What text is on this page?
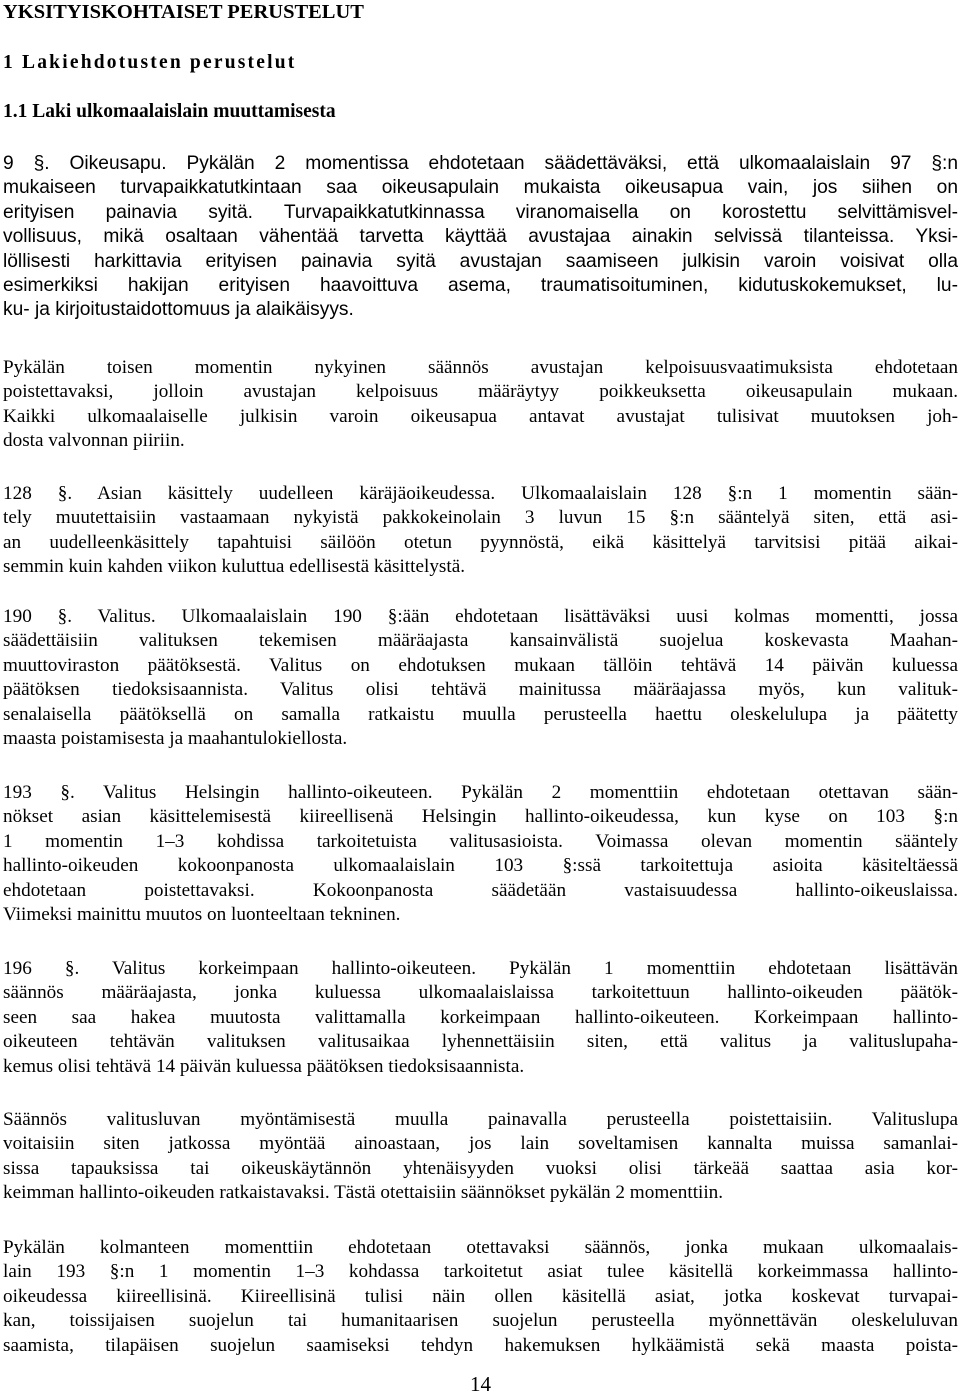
YKSITYISKOHTAISET PERUSTELUT
1 Lakiehdotusten perustelut
1.1 Laki ulkomaalaislain muuttamisesta
9 §. Oikeusapu. Pykälän 2 momentissa ehdotetaan säädettäväksi, että ulkomaalaislain 97 §:n
mukaiseen turvapaikkatutkintaan saa oikeusapulain mukaista oikeusapua vain, jos siihen on
erityisen painavia syitä. Turvapaikkatutkinnassa viranomaisella on korostettu selvittämisvel-
vollisuus, mikä osaltaan vähentää tarvetta käyttää avustajaa ainakin selvissä tilanteissa. Yksi-
löllisesti harkittavia erityisen painavia syitä avustajan saamiseen julkisin varoin voisivat olla
esimerkiksi hakijan erityisen haavoittuva asema, traumatisoituminen, kidutuskokemukset, lu-
ku- ja kirjoitustaidottomuus ja alaikäisyys.
Pykälän toisen momentin nykyinen säännös avustajan kelpoisuusvaatimuksista ehdotetaan
poistettavaksi, jolloin avustajan kelpoisuus määräytyy poikkeuksetta oikeusapulain mukaan.
Kaikki ulkomaalaiselle julkisin varoin oikeusapua antavat avustajat tulisivat muutoksen joh-
dosta valvonnan piiriin.
128 §. Asian käsittely uudelleen käräjäoikeudessa. Ulkomaalaislain 128 §:n 1 momentin sään-
tely muutettaisiin vastaamaan nykyistä pakkokeinolain 3 luvun 15 §:n sääntelyä siten, että asi-
an uudelleenkäsittely tapahtuisi säilöön otetun pyynnöstä, eikä käsittelyä tarvitsisi pitää aikai-
semmin kuin kahden viikon kuluttua edellisestä käsittelystä.
190 §. Valitus. Ulkomaalaislain 190 §:ään ehdotetaan lisättäväksi uusi kolmas momentti, jossa
säädettäisiin valituksen tekemisen määräajasta kansainvälistä suojelua koskevasta Maahan-
muuttoviraston päätöksestä. Valitus on ehdotuksen mukaan tällöin tehtävä 14 päivän kuluessa
päätöksen tiedoksisaannista. Valitus olisi tehtävä mainitussa määräajassa myös, kun valituk-
senalaisella päätöksellä on samalla ratkaistu muulla perusteella haettu oleskelulupa ja päätetty
maasta poistamisesta ja maahantulokiellosta.
193 §. Valitus Helsingin hallinto-oikeuteen. Pykälän 2 momenttiin ehdotetaan otettavan sään-
nökset asian käsittelemisestä kiireellisenä Helsingin hallinto-oikeudessa, kun kyse on 103 §:n
1 momentin 1–3 kohdissa tarkoitetuista valitusasioista. Voimassa olevan momentin sääntely
hallinto-oikeuden kokoonpanosta ulkomaalaislain 103 §:ssä tarkoitettuja asioita käsiteltäessä
ehdotetaan poistettavaksi. Kokoonpanosta säädetään vastaisuudessa hallinto-oikeuslaissa.
Viimeksi mainittu muutos on luonteeltaan tekninen.
196 §. Valitus korkeimpaan hallinto-oikeuteen. Pykälän 1 momenttiin ehdotetaan lisättävän
säännös määräajasta, jonka kuluessa ulkomaalaislaissa tarkoitettuun hallinto-oikeuden päätök-
seen saa hakea muutosta valittamalla korkeimpaan hallinto-oikeuteen. Korkeimpaan hallinto-
oikeuteen tehtävän valituksen valitusaikaa lyhennettäisiin siten, että valitus ja valituslupaha-
kemus olisi tehtävä 14 päivän kuluessa päätöksen tiedoksisaannista.
Säännös valitusluvan myöntämisestä muulla painavalla perusteella poistettaisiin. Valituslupa
voitaisiin siten jatkossa myöntää ainoastaan, jos lain soveltamisen kannalta muissa samanlai-
sissa tapauksissa tai oikeuskäytännön yhtenäisyyden vuoksi olisi tärkeää saattaa asia kor-
keimman hallinto-oikeuden ratkaistavaksi. Tästä otettaisiin säännökset pykälän 2 momenttiin.
Pykälän kolmanteen momenttiin ehdotetaan otettavaksi säännös, jonka mukaan ulkomaalais-
lain 193 §:n 1 momentin 1–3 kohdassa tarkoitetut asiat tulee käsitellä korkeimmassa hallinto-
oikeudessa kiireellisinä. Kiireellisinä tulisi näin ollen käsitellä asiat, jotka koskevat turvapai-
kan, toissijaisen suojelun tai humanitaarisen suojelun perusteella myönnettävän oleskeluluvan
saamista, tilapäisen suojelun saamiseksi tehdyn hakemuksen hylkäämistä sekä maasta poista-
14
